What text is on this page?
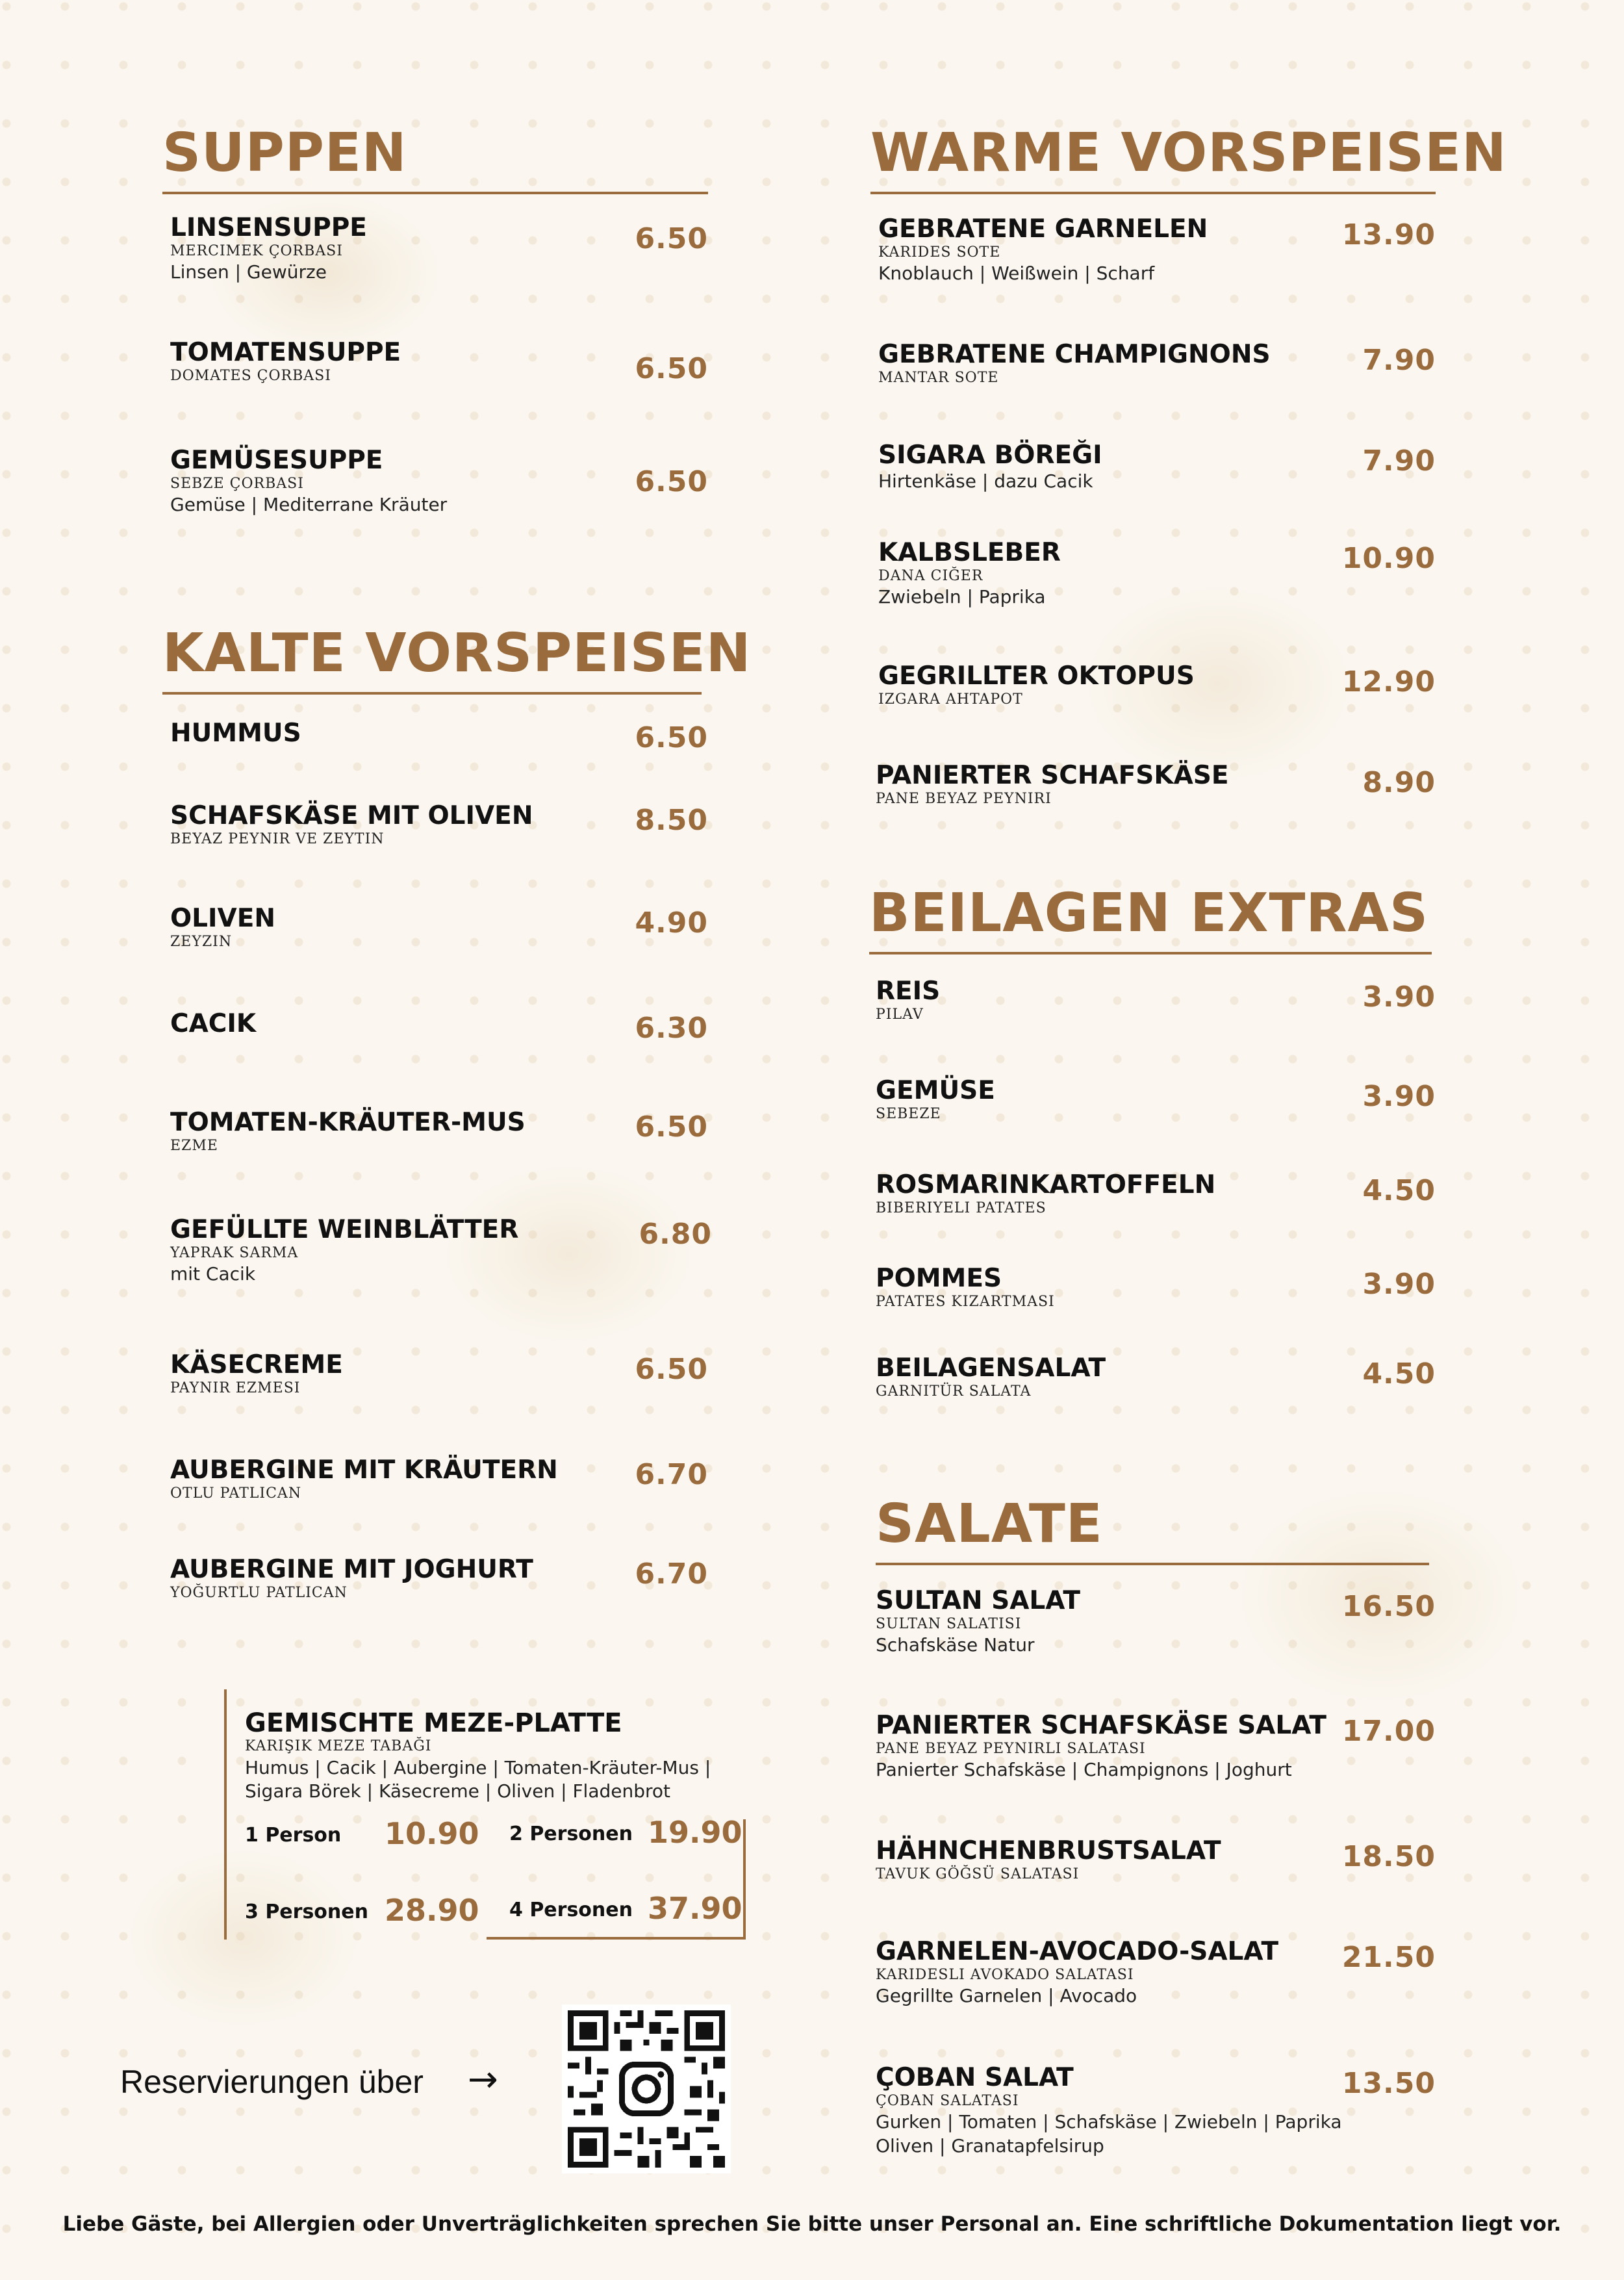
SUPPEN
LINSENSUPPE
MERCIMEK ÇORBASI
Linsen | Gewürze
6.50
TOMATENSUPPE
DOMATES ÇORBASI	6.50
GEMÜSESUPPE
SEBZE ÇORBASI
Gemüse | Mediterrane Kräuter
6.50
KALTE VORSPEISEN
HUMMUS	6.50
SCHAFSKÄSE MIT OLIVEN
BEYAZ PEYNIR VE ZEYTIN
8.50
OLIVEN
ZEYZIN
4.90
CACIK	6.30
TOMATEN-KRÄUTER-MUS
EZME
6.50
GEFÜLLTE WEINBLÄTTER
YAPRAK SARMA
mit Cacik
6.80
KÄSECREME
PAYNIR EZMESI
6.50
AUBERGINE MIT KRÄUTERN
OTLU PATLICAN
6.70
AUBERGINE MIT JOGHURT
YOĞURTLU PATLICAN
6.70
GEMISCHTE MEZE-PLATTE
KARIŞIK MEZE TABAĞI
Humus | Cacik | Aubergine | Tomaten-Kräuter-Mus |
Sigara Börek | Käsecreme | Oliven | Fladenbrot
1 Person 10.90 2 Personen 19.90
3 Personen 28.90 4 Personen 37.90
WARME VORSPEISEN
GEBRATENE GARNELEN
KARIDES SOTE
Knoblauch | Weißwein | Scharf
13.90
GEBRATENE CHAMPIGNONS
MANTAR SOTE
7.90
SIGARA BÖREĞI
Hirtenkäse | dazu Cacik
7.90
KALBSLEBER
DANA CIĞER
Zwiebeln | Paprika
10.90
GEGRILLTER OKTOPUS
IZGARA AHTAPOT
12.90
PANIERTER SCHAFSKÄSE
PANE BEYAZ PEYNIRI	8.90
BEILAGEN EXTRAS
REIS
PILAV
3.90
GEMÜSE
SEBEZE
3.90
ROSMARINKARTOFFELN
BIBERIYELI PATATES
4.50
POMMES
PATATES KIZARTMASI
3.90
BEILAGENSALAT
GARNITÜR SALATA
4.50
SALATE
SULTAN SALAT
SULTAN SALATISI
Schafskäse Natur
16.50
PANIERTER SCHAFSKÄSE SALAT
PANE BEYAZ PEYNIRLI SALATASI
Panierter Schafskäse | Champignons | Joghurt
17.00
HÄHNCHENBRUSTSALAT
TAVUK GÖĞSÜ SALATASI
18.50
GARNELEN-AVOCADO-SALAT
KARIDESLI AVOKADO SALATASI
Gegrillte Garnelen | Avocado
21.50
ÇOBAN SALAT
ÇOBAN SALATASI
Gurken | Tomaten | Schafskäse | Zwiebeln | Paprika
Oliven | Granatapfelsirup
13.50
Reservierungen über →
Liebe Gäste, bei Allergien oder Unverträglichkeiten sprechen Sie bitte unser Personal an. Eine schriftliche Dokumentation liegt vor.
